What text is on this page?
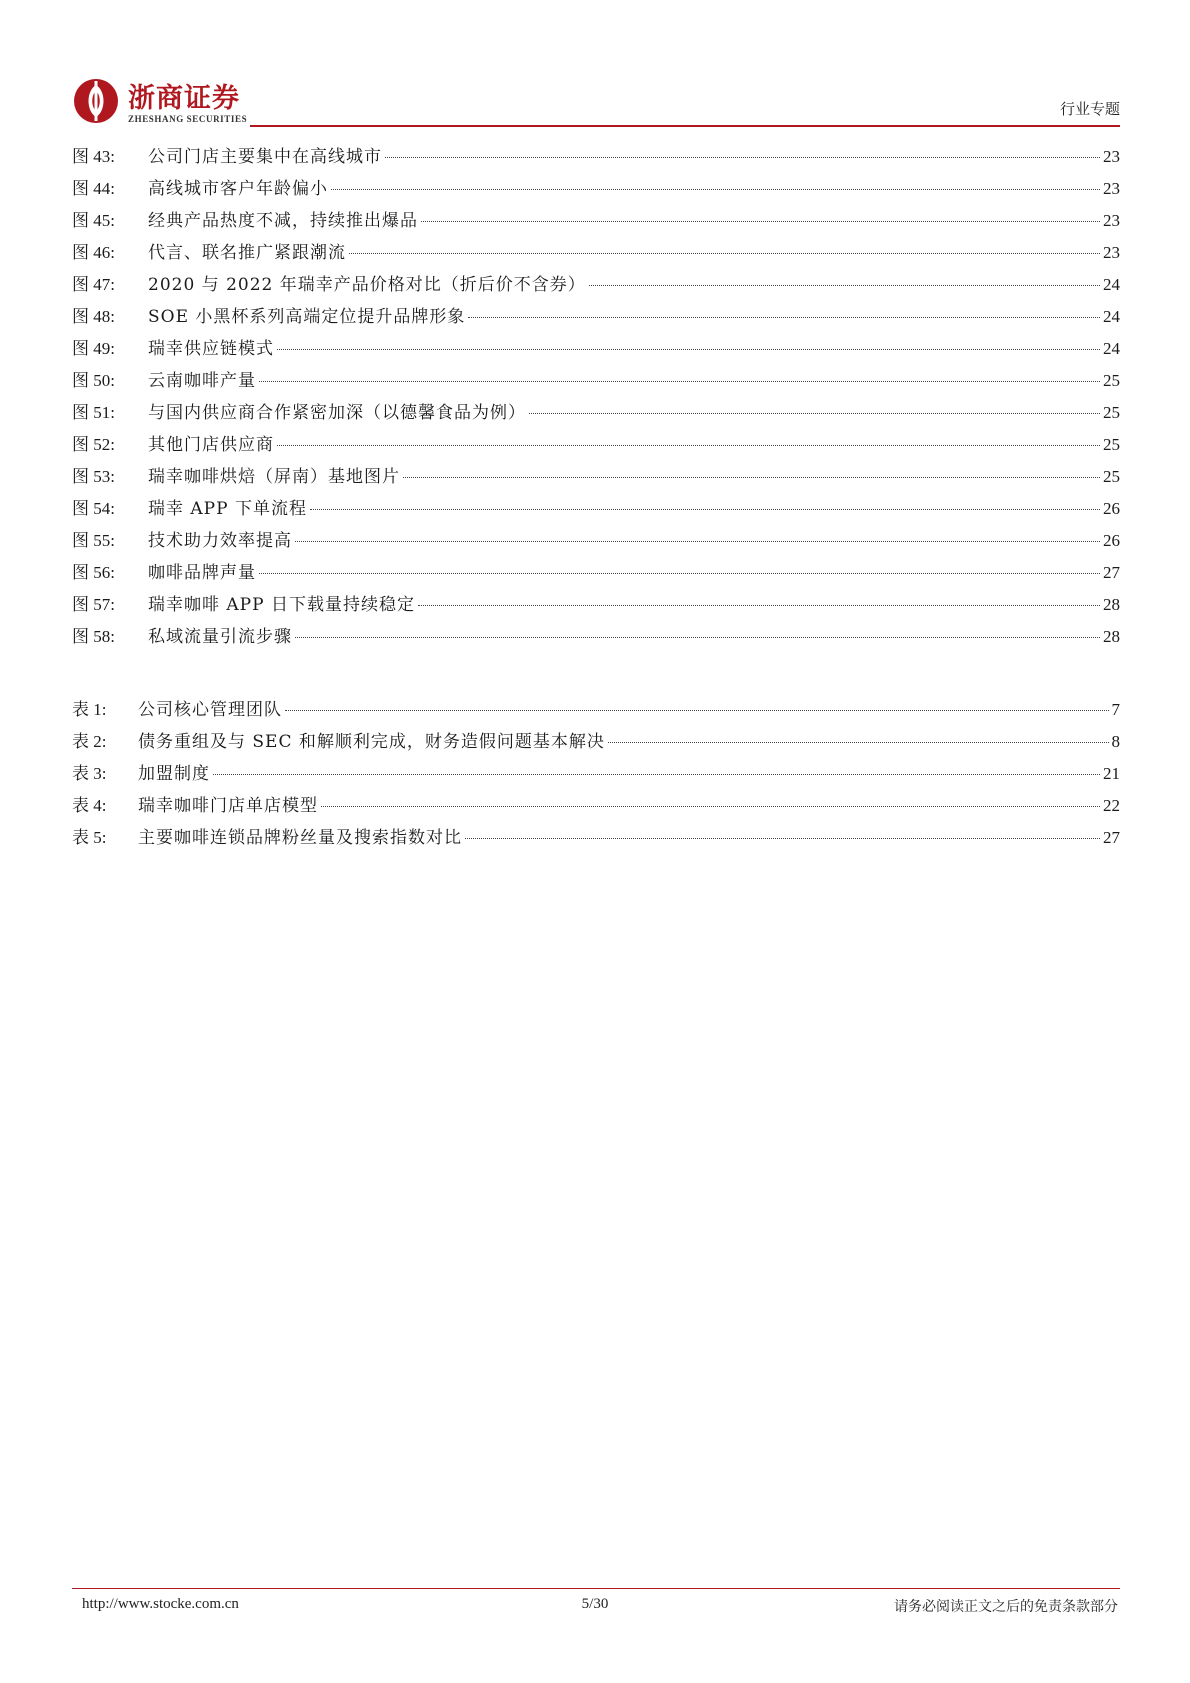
浙商证券
ZHESHANG SECURITIES
行业专题
图 43:	公司门店主要集中在高线城市	23
图 44:	高线城市客户年龄偏小	23
图 45:	经典产品热度不减，持续推出爆品	23
图 46:	代言、联名推广紧跟潮流	23
图 47:	2020 与 2022 年瑞幸产品价格对比（折后价不含券）	24
图 48:	SOE 小黑杯系列高端定位提升品牌形象	24
图 49:	瑞幸供应链模式	24
图 50:	云南咖啡产量	25
图 51:	与国内供应商合作紧密加深（以德馨食品为例）	25
图 52:	其他门店供应商	25
图 53:	瑞幸咖啡烘焙（屏南）基地图片	25
图 54:	瑞幸 APP 下单流程	26
图 55:	技术助力效率提高	26
图 56:	咖啡品牌声量	27
图 57:	瑞幸咖啡 APP 日下载量持续稳定	28
图 58:	私域流量引流步骤	28
表 1:	公司核心管理团队	7
表 2:	债务重组及与 SEC 和解顺利完成，财务造假问题基本解决	8
表 3:	加盟制度	21
表 4:	瑞幸咖啡门店单店模型	22
表 5:	主要咖啡连锁品牌粉丝量及搜索指数对比	27
http://www.stocke.com.cn	5/30	请务必阅读正文之后的免责条款部分
